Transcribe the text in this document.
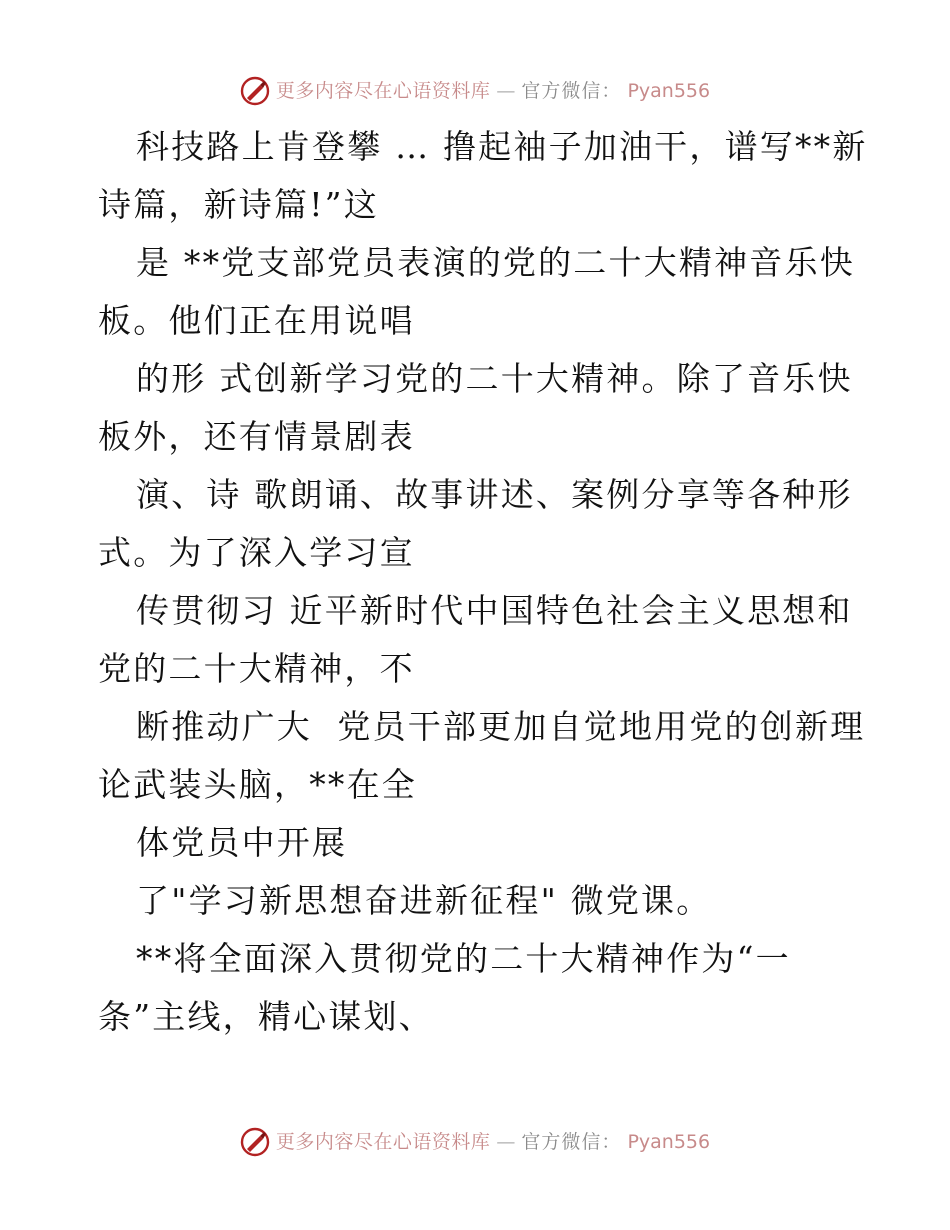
更多内容尽在心语资料库 — 官方微信： Pyan556

科技路上肯登攀 … 撸起袖子加油干，谱写**新

诗篇，新诗篇!”这

是 **党支部党员表演的党的二十大精神音乐快

板。他们正在用说唱

的形 式创新学习党的二十大精神。除了音乐快

板外，还有情景剧表

演、诗 歌朗诵、故事讲述、案例分享等各种形

式。为了深入学习宣

传贯彻习 近平新时代中国特色社会主义思想和

党的二十大精神，不

断推动广大  党员干部更加自觉地用党的创新理

论武装头脑，**在全

体党员中开展

了"学习新思想奋进新征程" 微党课。

**将全面深入贯彻党的二十大精神作为“一

条”主线，精心谋划、

更多内容尽在心语资料库 — 官方微信： Pyan556
